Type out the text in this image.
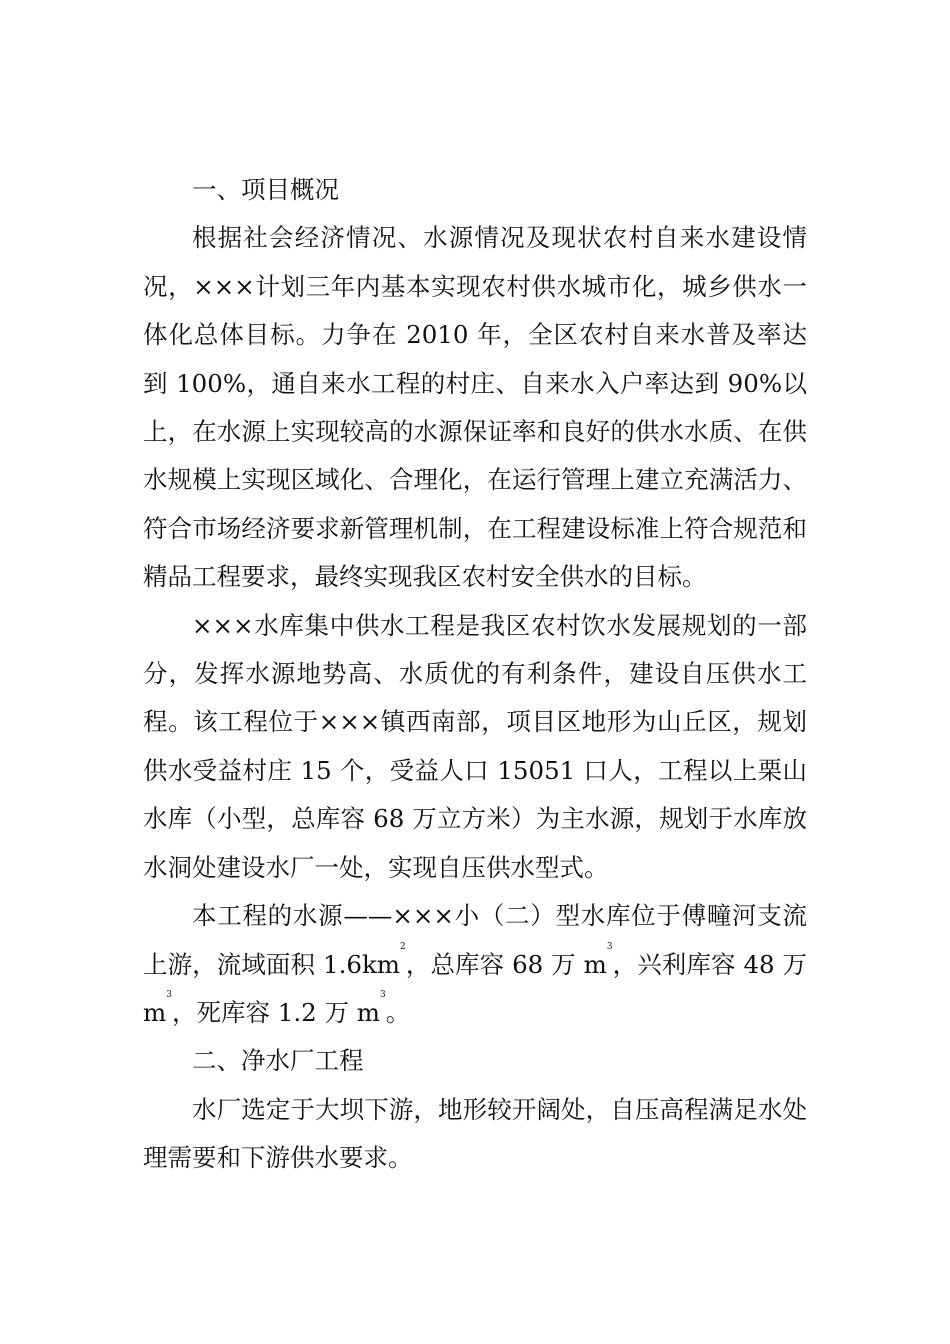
一、项目概况

根据社会经济情况、水源情况及现状农村自来水建设情况，×××计划三年内基本实现农村供水城市化，城乡供水一体化总体目标。力争在 2010 年，全区农村自来水普及率达到 100%，通自来水工程的村庄、自来水入户率达到 90%以上，在水源上实现较高的水源保证率和良好的供水水质、在供水规模上实现区域化、合理化，在运行管理上建立充满活力、符合市场经济要求新管理机制，在工程建设标准上符合规范和精品工程要求，最终实现我区农村安全供水的目标。

×××水库集中供水工程是我区农村饮水发展规划的一部分，发挥水源地势高、水质优的有利条件，建设自压供水工程。该工程位于×××镇西南部，项目区地形为山丘区，规划供水受益村庄 15 个，受益人口 15051 口人，工程以上栗山水库（小型，总库容 68 万立方米）为主水源，规划于水库放水洞处建设水厂一处，实现自压供水型式。

本工程的水源——×××小（二）型水库位于傅疃河支流上游，流域面积 $1.6km^2$，总库容 68 万 $m^3$，兴利库容 48 万 $m^3$，死库容 1.2 万 $m^3$。

二、净水厂工程

水厂选定于大坝下游，地形较开阔处，自压高程满足水处理需要和下游供水要求。
